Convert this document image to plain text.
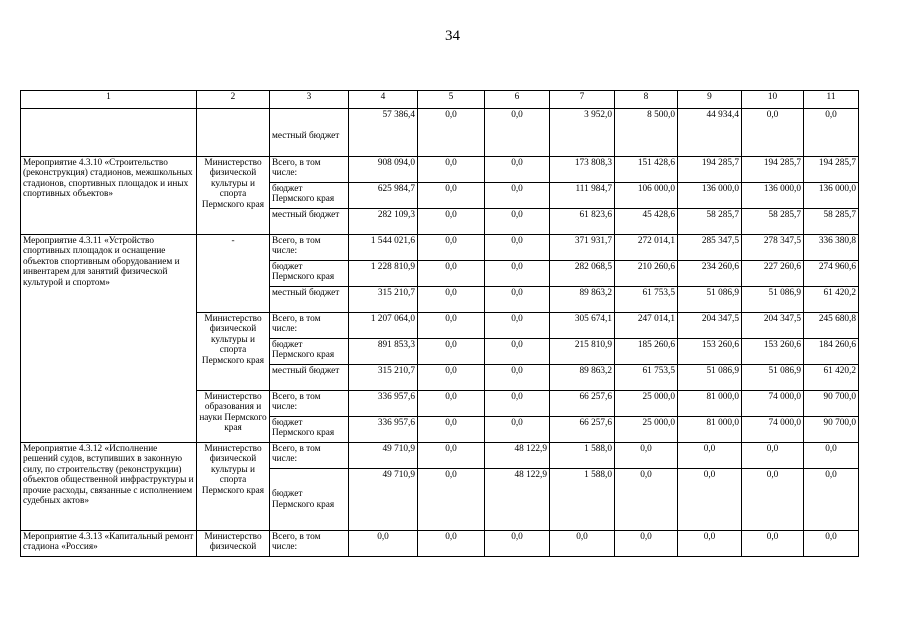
34
1	2	3	4	5	6	7	8	9	10	11
		местный бюджет	57 386,4	0,0	0,0	3 952,0	8 500,0	44 934,4	0,0	0,0
Мероприятие 4.3.10 «Строительство (реконструкция) стадионов, межшкольных стадионов, спортивных площадок и иных спортивных объектов»	Министерство физической культуры и спорта Пермского края	Всего, в том числе:	908 094,0	0,0	0,0	173 808,3	151 428,6	194 285,7	194 285,7	194 285,7
		бюджет Пермского края	625 984,7	0,0	0,0	111 984,7	106 000,0	136 000,0	136 000,0	136 000,0
		местный бюджет	282 109,3	0,0	0,0	61 823,6	45 428,6	58 285,7	58 285,7	58 285,7
Мероприятие 4.3.11 «Устройство спортивных площадок и оснащение объектов спортивным оборудованием и инвентарем для занятий физической культурой и спортом»	-	Всего, в том числе:	1 544 021,6	0,0	0,0	371 931,7	272 014,1	285 347,5	278 347,5	336 380,8
		бюджет Пермского края	1 228 810,9	0,0	0,0	282 068,5	210 260,6	234 260,6	227 260,6	274 960,6
		местный бюджет	315 210,7	0,0	0,0	89 863,2	61 753,5	51 086,9	51 086,9	61 420,2
	Министерство физической культуры и спорта Пермского края	Всего, в том числе:	1 207 064,0	0,0	0,0	305 674,1	247 014,1	204 347,5	204 347,5	245 680,8
		бюджет Пермского края	891 853,3	0,0	0,0	215 810,9	185 260,6	153 260,6	153 260,6	184 260,6
		местный бюджет	315 210,7	0,0	0,0	89 863,2	61 753,5	51 086,9	51 086,9	61 420,2
	Министерство образования и науки Пермского края	Всего, в том числе:	336 957,6	0,0	0,0	66 257,6	25 000,0	81 000,0	74 000,0	90 700,0
		бюджет Пермского края	336 957,6	0,0	0,0	66 257,6	25 000,0	81 000,0	74 000,0	90 700,0
Мероприятие 4.3.12 «Исполнение решений судов, вступивших в законную силу, по строительству (реконструкции) объектов общественной инфраструктуры и прочие расходы, связанные с исполнением судебных актов»	Министерство физической культуры и спорта Пермского края	Всего, в том числе:	49 710,9	0,0	48 122,9	1 588,0	0,0	0,0	0,0	0,0
		бюджет Пермского края	49 710,9	0,0	48 122,9	1 588,0	0,0	0,0	0,0	0,0
Мероприятие 4.3.13 «Капитальный ремонт стадиона «Россия»	Министерство физической	Всего, в том числе:	0,0	0,0	0,0	0,0	0,0	0,0	0,0	0,0
